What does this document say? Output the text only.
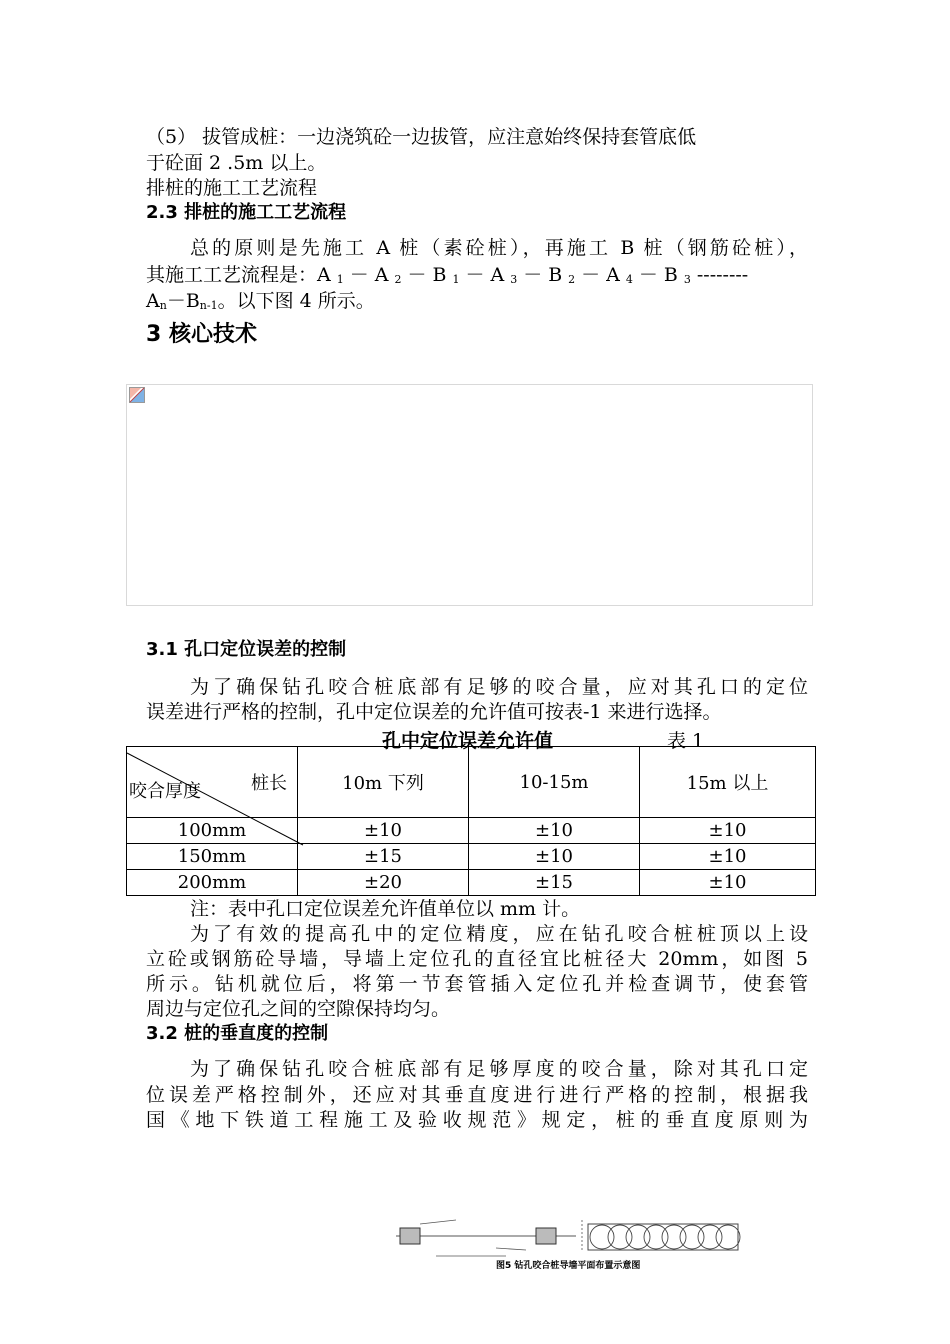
（5） 拔管成桩：一边浇筑砼一边拔管，应注意始终保持套管底低

于砼面 2 .5m 以上。

排桩的施工工艺流程

2.3 排桩的施工工艺流程

总的原则是先施工 A 桩（素砼桩），再施工 B 桩（钢筋砼桩），

其施工工艺流程是：A1－A2－B1－A3－B2－A4－B3--------

An－Bn-1。以下图 4 所示。

3 核心技术

3.1 孔口定位误差的控制

为了确保钻孔咬合桩底部有足够的咬合量，应对其孔口的定位

误差进行严格的控制，孔中定位误差的允许值可按表-1 来进行选择。

孔中定位误差允许值	表 1
桩长
咬合厚度	10m 下列	10-15m	15m 以上
100mm	±10	±10	±10
150mm	±15	±10	±10
200mm	±20	±15	±10

注：表中孔口定位误差允许值单位以 mm 计。

为了有效的提高孔中的定位精度，应在钻孔咬合桩桩顶以上设

立砼或钢筋砼导墙，导墙上定位孔的直径宜比桩径大 20mm，如图 5

所示。钻机就位后，将第一节套管插入定位孔并检查调节，使套管

周边与定位孔之间的空隙保持均匀。

3.2 桩的垂直度的控制

为了确保钻孔咬合桩底部有足够厚度的咬合量，除对其孔口定

位误差严格控制外，还应对其垂直度进行进行严格的控制，根据我

国《地下铁道工程施工及验收规范》规定，桩的垂直度原则为

图5 钻孔咬合桩导墙平面布置示意图
